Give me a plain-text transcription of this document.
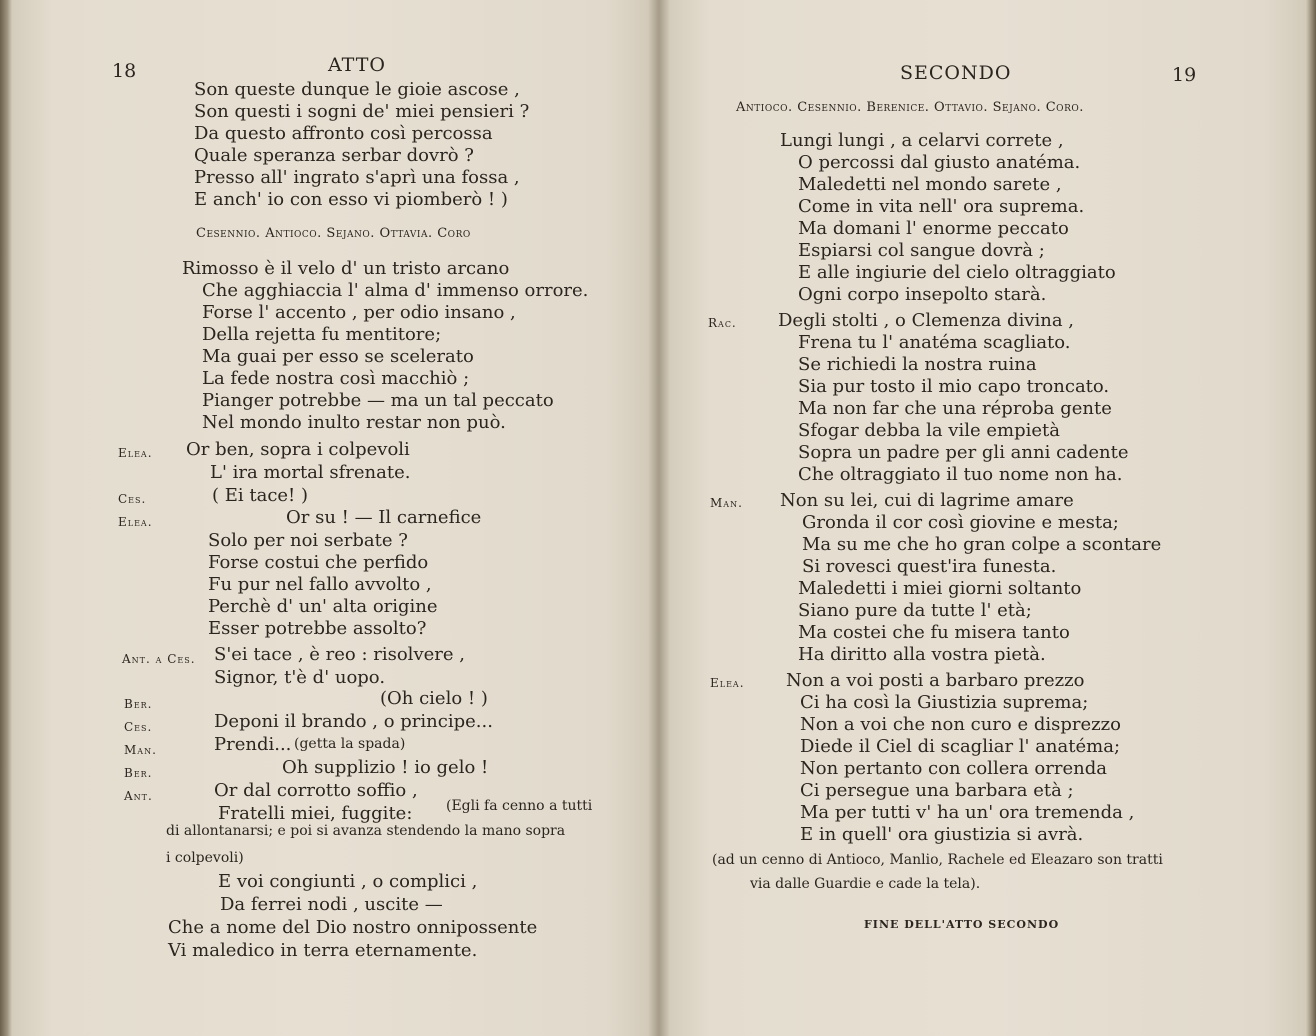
18	ATTO
Son queste dunque le gioie ascose ,
Son questi i sogni de' miei pensieri ?
Da questo affronto così percossa
Quale speranza serbar dovrò ?
Presso all' ingrato s'aprì una fossa ,
E anch' io con esso vi piomberò ! )
Cesennio. Antioco. Sejano. Ottavia. Coro
Rimosso è il velo d' un tristo arcano
Che agghiaccia l' alma d' immenso orrore.
Forse l' accento , per odio insano ,
Della rejetta fu mentitore;
Ma guai per esso se scelerato
La fede nostra così macchiò ;
Pianger potrebbe — ma un tal peccato
Nel mondo inulto restar non può.
Elea. Or ben, sopra i colpevoli
L' ira mortal sfrenate.
Ces.	( Ei tace! )
Elea.	Or su ! — Il carnefice
Solo per noi serbate ?
Forse costui che perfido
Fu pur nel fallo avvolto ,
Perchè d' un' alta origine
Esser potrebbe assolto?
Ant. a Ces. S'ei tace , è reo : risolvere ,
Signor, t'è d' uopo.
Ber.	(Oh cielo ! )
Ces.	Deponi il brando , o principe...
Man.	Prendi... (getta la spada)
Ber.	Oh supplizio ! io gelo !
Ant.	Or dal corrotto soffio ,
Fratelli miei, fuggite: (Egli fa cenno a tutti
di allontanarsi; e poi si avanza stendendo la mano sopra
i colpevoli)
E voi congiunti , o complici ,
Da ferrei nodi , uscite —
Che a nome del Dio nostro onnipossente
Vi maledico in terra eternamente.
SECONDO	19
Antioco. Cesennio. Berenice. Ottavio. Sejano. Coro.
Lungi lungi , a celarvi correte ,
O percossi dal giusto anatéma.
Maledetti nel mondo sarete ,
Come in vita nell' ora suprema.
Ma domani l' enorme peccato
Espiarsi col sangue dovrà ;
E alle ingiurie del cielo oltraggiato
Ogni corpo insepolto starà.
Rac. Degli stolti , o Clemenza divina ,
Frena tu l' anatéma scagliato.
Se richiedi la nostra ruina
Sia pur tosto il mio capo troncato.
Ma non far che una réproba gente
Sfogar debba la vile empietà
Sopra un padre per gli anni cadente
Che oltraggiato il tuo nome non ha.
Man. Non su lei, cui di lagrime amare
Gronda il cor così giovine e mesta;
Ma su me che ho gran colpe a scontare
Si rovesci quest'ira funesta.
Maledetti i miei giorni soltanto
Siano pure da tutte l' età;
Ma costei che fu misera tanto
Ha diritto alla vostra pietà.
Elea. Non a voi posti a barbaro prezzo
Ci ha così la Giustizia suprema;
Non a voi che non curo e disprezzo
Diede il Ciel di scagliar l' anatéma;
Non pertanto con collera orrenda
Ci persegue una barbara età ;
Ma per tutti v' ha un' ora tremenda ,
E in quell' ora giustizia si avrà.
(ad un cenno di Antioco, Manlio, Rachele ed Eleazaro son tratti
via dalle Guardie e cade la tela).
FINE DELL'ATTO SECONDO
